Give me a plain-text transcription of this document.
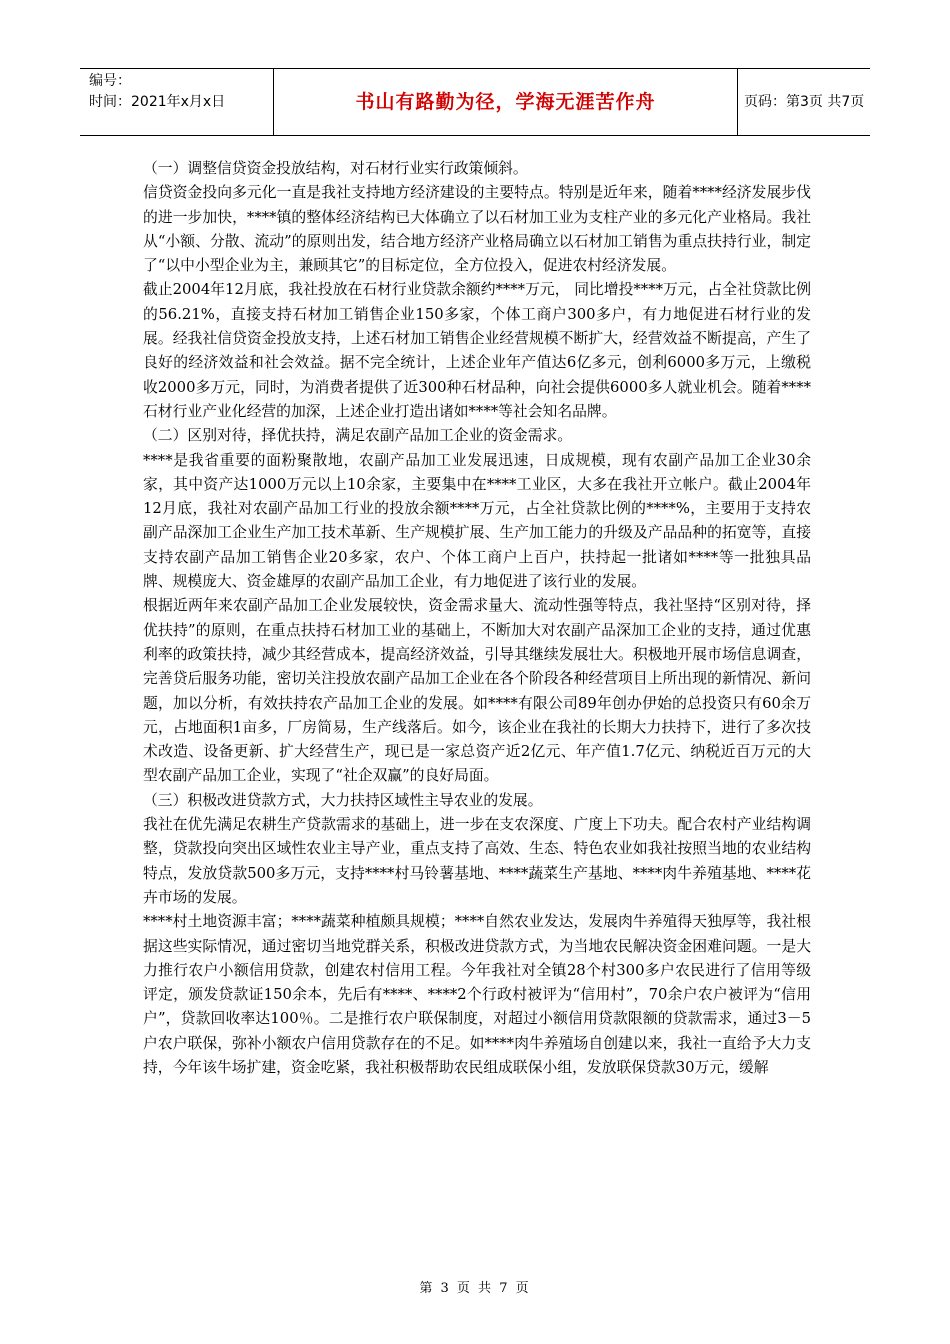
编号：
时间：2021年x月x日	书山有路勤为径，学海无涯苦作舟	页码：第3页 共7页

（一）调整信贷资金投放结构，对石材行业实行政策倾斜。

信贷资金投向多元化一直是我社支持地方经济建设的主要特点。特别是近年来，随着****经济发展步伐的进一步加快，****镇的整体经济结构已大体确立了以石材加工业为支柱产业的多元化产业格局。我社从“小额、分散、流动”的原则出发，结合地方经济产业格局确立以石材加工销售为重点扶持行业，制定了“以中小型企业为主，兼顾其它”的目标定位，全方位投入，促进农村经济发展。

截止2004年12月底，我社投放在石材行业贷款余额约****万元， 同比增投****万元，占全社贷款比例的56.21%，直接支持石材加工销售企业150多家，个体工商户300多户，有力地促进石材行业的发展。经我社信贷资金投放支持，上述石材加工销售企业经营规模不断扩大，经营效益不断提高，产生了良好的经济效益和社会效益。据不完全统计，上述企业年产值达6亿多元，创利6000多万元，上缴税收2000多万元，同时，为消费者提供了近300种石材品种，向社会提供6000多人就业机会。随着****石材行业产业化经营的加深，上述企业打造出诸如****等社会知名品牌。

（二）区别对待，择优扶持，满足农副产品加工企业的资金需求。

****是我省重要的面粉聚散地，农副产品加工业发展迅速，日成规模，现有农副产品加工企业30余家，其中资产达1000万元以上10余家，主要集中在****工业区，大多在我社开立帐户。截止2004年12月底，我社对农副产品加工行业的投放余额****万元，占全社贷款比例的****%，主要用于支持农副产品深加工企业生产加工技术革新、生产规模扩展、生产加工能力的升级及产品品种的拓宽等，直接支持农副产品加工销售企业20多家，农户、个体工商户上百户，扶持起一批诸如****等一批独具品牌、规模庞大、资金雄厚的农副产品加工企业，有力地促进了该行业的发展。

根据近两年来农副产品加工企业发展较快，资金需求量大、流动性强等特点，我社坚持“区别对待，择优扶持”的原则，在重点扶持石材加工业的基础上，不断加大对农副产品深加工企业的支持，通过优惠利率的政策扶持，减少其经营成本，提高经济效益，引导其继续发展壮大。积极地开展市场信息调查，完善贷后服务功能，密切关注投放农副产品加工企业在各个阶段各种经营项目上所出现的新情况、新问题，加以分析，有效扶持农产品加工企业的发展。如****有限公司89年创办伊始的总投资只有60余万元，占地面积1亩多，厂房简易，生产线落后。如今，该企业在我社的长期大力扶持下，进行了多次技术改造、设备更新、扩大经营生产，现已是一家总资产近2亿元、年产值1.7亿元、纳税近百万元的大型农副产品加工企业，实现了“社企双赢”的良好局面。

（三）积极改进贷款方式，大力扶持区域性主导农业的发展。

我社在优先满足农耕生产贷款需求的基础上，进一步在支农深度、广度上下功夫。配合农村产业结构调整，贷款投向突出区域性农业主导产业，重点支持了高效、生态、特色农业如我社按照当地的农业结构特点，发放贷款500多万元，支持****村马铃薯基地、****蔬菜生产基地、****肉牛养殖基地、****花卉市场的发展。

****村土地资源丰富；****蔬菜种植颇具规模；****自然农业发达，发展肉牛养殖得天独厚等，我社根据这些实际情况，通过密切当地党群关系，积极改进贷款方式，为当地农民解决资金困难问题。一是大力推行农户小额信用贷款，创建农村信用工程。今年我社对全镇28个村300多户农民进行了信用等级评定，颁发贷款证150余本，先后有****、****2个行政村被评为“信用村”，70余户农户被评为“信用户”，贷款回收率达100％。二是推行农户联保制度，对超过小额信用贷款限额的贷款需求，通过3－5户农户联保，弥补小额农户信用贷款存在的不足。如****肉牛养殖场自创建以来，我社一直给予大力支持，今年该牛场扩建，资金吃紧，我社积极帮助农民组成联保小组，发放联保贷款30万元，缓解

第 3 页 共 7 页
